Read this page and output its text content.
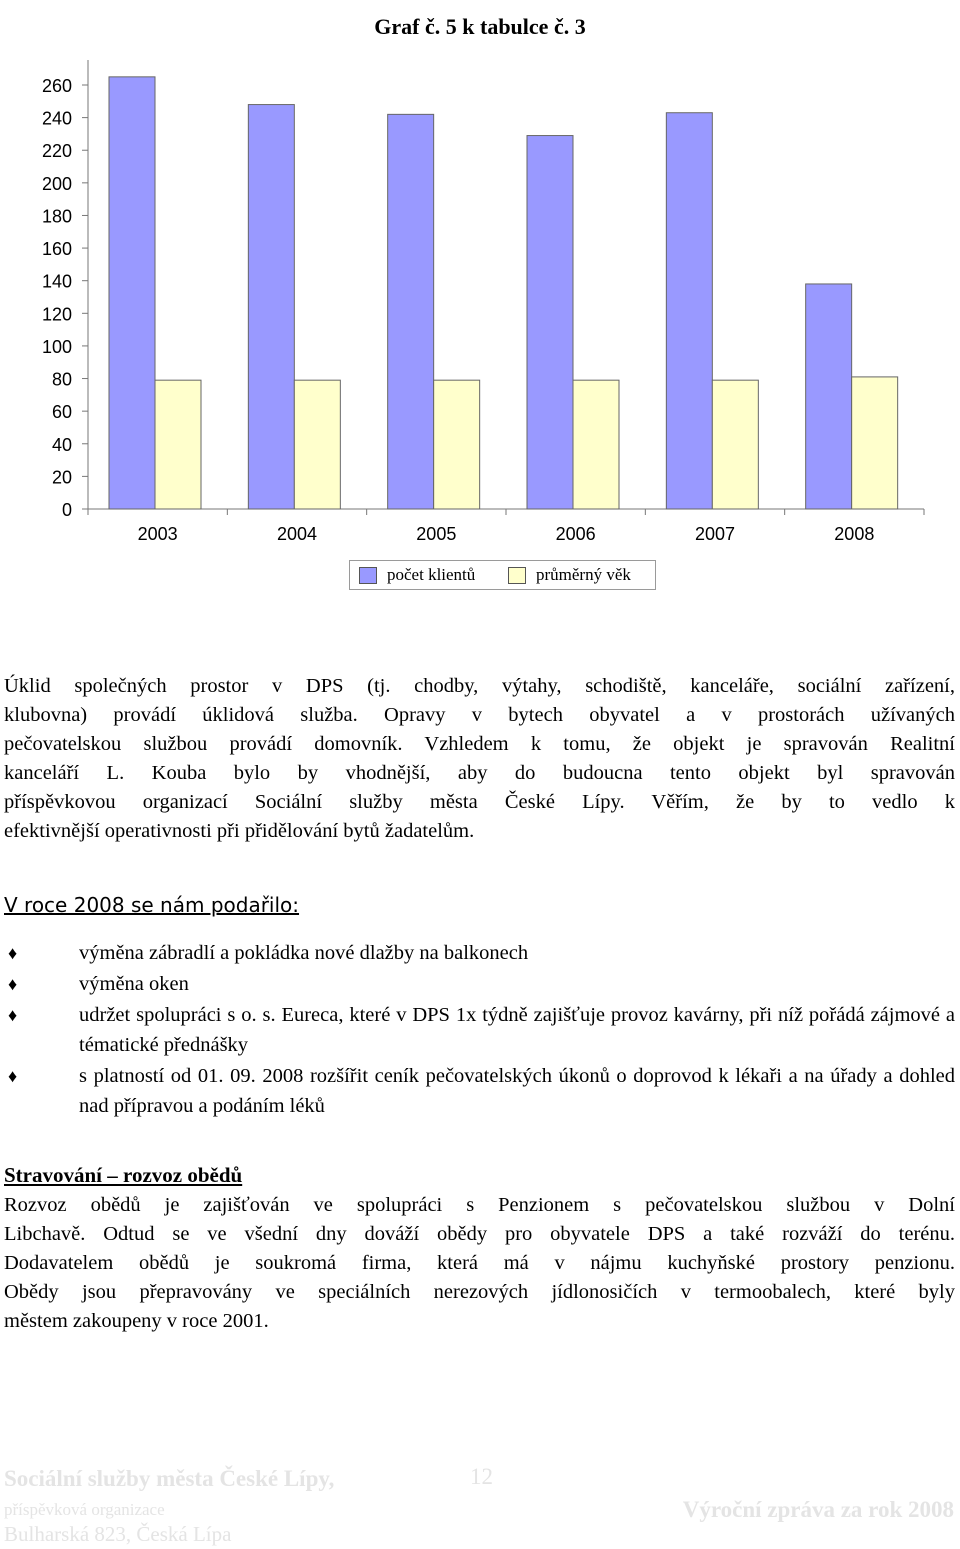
Graf č. 5 k tabulce č. 3
260
240
220
200
180
160
140
120
100
80
60
40
20
0
2003	2004	2005	2006	2007	2008
počet klientů	průměrný věk
Úklid společných prostor v DPS (tj. chodby, výtahy, schodiště, kanceláře, sociální zařízení,
klubovna) provádí úklidová služba. Opravy v bytech obyvatel a v prostorách užívaných
pečovatelskou službou provádí domovník. Vzhledem k tomu, že objekt je spravován Realitní
kanceláří L. Kouba bylo by vhodnější, aby do budoucna tento objekt byl spravován
příspěvkovou organizací Sociální služby města České Lípy. Věřím, že by to vedlo k
efektivnější operativnosti při přidělování bytů žadatelům.
V roce 2008 se nám podařilo:
♦	výměna zábradlí a pokládka nové dlažby na balkonech
♦	výměna oken
♦	udržet spolupráci s o. s. Eureca, které v DPS 1x týdně zajišťuje provoz kavárny, při níž pořádá zájmové a tématické přednášky
♦	s platností od 01. 09. 2008 rozšířit ceník pečovatelských úkonů o doprovod k lékaři a na úřady a dohled nad přípravou a podáním léků
Stravování – rozvoz obědů
Rozvoz obědů je zajišťován ve spolupráci s Penzionem s pečovatelskou službou v Dolní
Libchavě. Odtud se ve všední dny dováží obědy pro obyvatele DPS a také rozváží do terénu.
Dodavatelem obědů je soukromá firma, která má v nájmu kuchyňské prostory penzionu.
Obědy jsou přepravovány ve speciálních nerezových jídlonosičích v termoobalech, které byly
městem zakoupeny v roce 2001.
Sociální služby města České Lípy,	12
příspěvková organizace	Výroční zpráva za rok 2008
Bulharská 823, Česká Lípa
